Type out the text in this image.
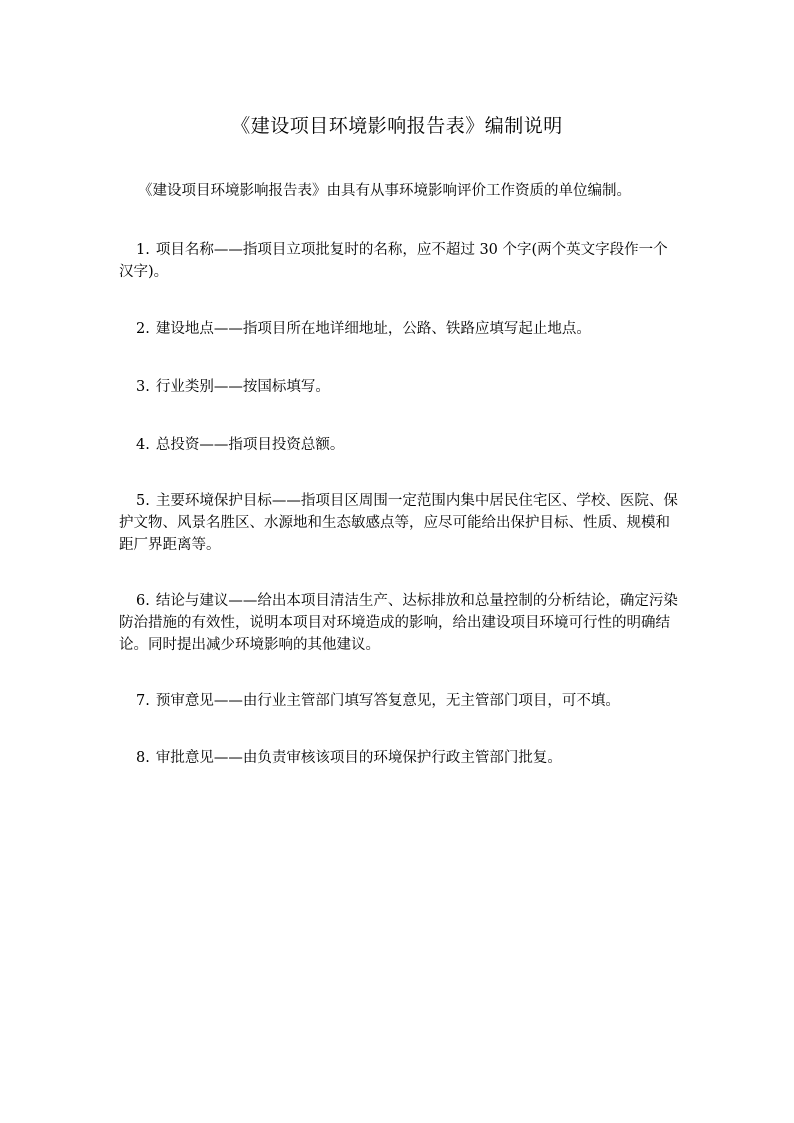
《建设项目环境影响报告表》编制说明
《建设项目环境影响报告表》由具有从事环境影响评价工作资质的单位编制。
1. 项目名称——指项目立项批复时的名称，应不超过 30 个字(两个英文字段作一个汉字)。
2. 建设地点——指项目所在地详细地址，公路、铁路应填写起止地点。
3. 行业类别——按国标填写。
4. 总投资——指项目投资总额。
5. 主要环境保护目标——指项目区周围一定范围内集中居民住宅区、学校、医院、保护文物、风景名胜区、水源地和生态敏感点等，应尽可能给出保护目标、性质、规模和距厂界距离等。
6. 结论与建议——给出本项目清洁生产、达标排放和总量控制的分析结论，确定污染防治措施的有效性，说明本项目对环境造成的影响，给出建设项目环境可行性的明确结论。同时提出减少环境影响的其他建议。
7. 预审意见——由行业主管部门填写答复意见，无主管部门项目，可不填。
8. 审批意见——由负责审核该项目的环境保护行政主管部门批复。
